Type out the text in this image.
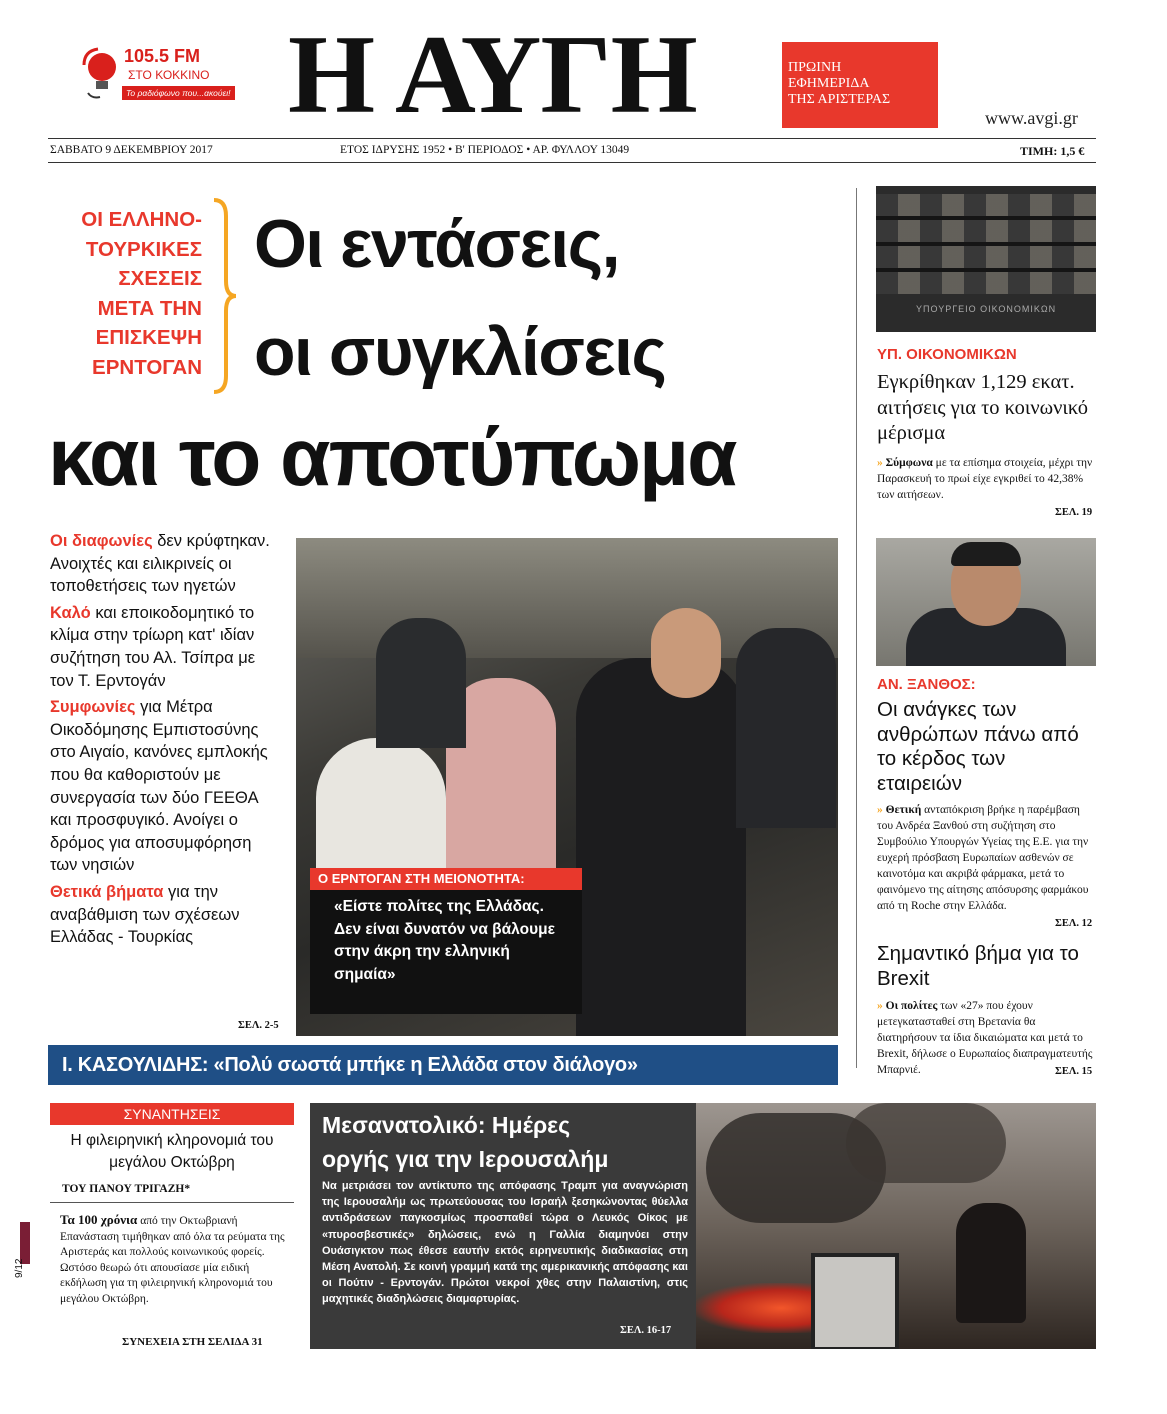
105.5 FM
ΣΤΟ ΚΟΚΚΙΝΟ
Το ραδιόφωνο που...ακούει! Η ΑΥΓΗ	ΠΡΩΙΝΗ
ΕΦΗΜΕΡΙΔΑ
ΤΗΣ ΑΡΙΣΤΕΡΑΣ
www.avgi.gr
ΣΑΒΒΑΤΟ 9 ΔΕΚΕΜΒΡΙΟΥ 2017	ΕΤΟΣ ΙΔΡΥΣΗΣ 1952 • Β' ΠΕΡΙΟΔΟΣ • ΑΡ. ΦΥΛΛΟΥ 13049	ΤΙΜΗ: 1,5 €
ΟΙ ΕΛΛΗΝΟ-
ΤΟΥΡΚΙΚΕΣ
ΣΧΕΣΕΙΣ
ΜΕΤΑ ΤΗΝ
ΕΠΙΣΚΕΨΗ
ΕΡΝΤΟΓΑΝ
Οι εντάσεις,
οι συγκλίσεις
και το αποτύπωμα

Οι διαφωνίες δεν κρύφτηκαν. Ανοιχτές και ειλικρινείς οι τοποθετήσεις των ηγετών

Καλό και εποικοδομητικό το κλίμα στην τρίωρη κατ' ιδίαν συζήτηση του Αλ. Τσίπρα με τον Τ. Ερντογάν

Συμφωνίες για Μέτρα Οικοδόμησης Εμπιστοσύνης στο Αιγαίο, κανόνες εμπλοκής που θα καθοριστούν με συνεργασία των δύο ΓΕΕΘΑ και προσφυγικό. Ανοίγει ο δρόμος για αποσυμφόρηση των νησιών

Θετικά βήματα για την αναβάθμιση των σχέσεων Ελλάδας - Τουρκίας

ΣΕΛ. 2-5
Ο ΕΡΝΤΟΓΑΝ ΣΤΗ ΜΕΙΟΝΟΤΗΤΑ:
«Είστε πολίτες της Ελλάδας. Δεν είναι δυνατόν να βάλουμε στην άκρη την ελληνική σημαία»
Ι. ΚΑΣΟΥΛΙΔΗΣ: «Πολύ σωστά μπήκε η Ελλάδα στον διάλογο»
ΥΠΟΥΡΓΕΙΟ ΟΙΚΟΝΟΜΙΚΩΝ
ΥΠ. ΟΙΚΟΝΟΜΙΚΩΝ
Εγκρίθηκαν 1,129 εκατ. αιτήσεις για το κοινωνικό μέρισμα
» Σύμφωνα με τα επίσημα στοιχεία, μέχρι την Παρασκευή το πρωί είχε εγκριθεί το 42,38% των αιτήσεων.
ΣΕΛ. 19
ΑΝ. ΞΑΝΘΟΣ:
Οι ανάγκες των ανθρώπων πάνω από το κέρδος των εταιρειών
» Θετική ανταπόκριση βρήκε η παρέμβαση του Ανδρέα Ξανθού στη συζήτηση στο Συμβούλιο Υπουργών Υγείας της Ε.Ε. για την ευχερή πρόσβαση Ευρωπαίων ασθενών σε καινοτόμα και ακριβά φάρμακα, μετά το φαινόμενο της αίτησης απόσυρσης φαρμάκου από τη Roche στην Ελλάδα.
ΣΕΛ. 12
Σημαντικό βήμα για το Brexit
» Οι πολίτες των «27» που έχουν μετεγκατασταθεί στη Βρετανία θα διατηρήσουν τα ίδια δικαιώματα και μετά το Brexit, δήλωσε ο Ευρωπαίος διαπραγματευτής Μπαρνιέ.	ΣΕΛ. 15
ΣΥΝΑΝΤΗΣΕΙΣ
Η φιλειρηνική κληρονομιά του μεγάλου Οκτώβρη
ΤΟΥ ΠΑΝΟΥ ΤΡΙΓΑΖΗ*
Τα 100 χρόνια από την Οκτωβριανή Επανάσταση τιμήθηκαν από όλα τα ρεύματα της Αριστεράς και πολλούς κοινωνικούς φορείς. Ωστόσο θεωρώ ότι απουσίασε μία ειδική εκδήλωση για τη φιλειρηνική κληρονομιά του μεγάλου Οκτώβρη.
ΣΥΝΕΧΕΙΑ ΣΤΗ ΣΕΛΙΔΑ 31
Μεσανατολικό: Ημέρες
οργής για την Ιερουσαλήμ
Να μετριάσει τον αντίκτυπο της απόφασης Τραμπ για αναγνώριση της Ιερουσαλήμ ως πρωτεύουσας του Ισραήλ ξεσηκώνοντας θύελλα αντιδράσεων παγκοσμίως προσπαθεί τώρα ο Λευκός Οίκος με «πυροσβεστικές» δηλώσεις, ενώ η Γαλλία διαμηνύει στην Ουάσιγκτον πως έθεσε εαυτήν εκτός ειρηνευτικής διαδικασίας στη Μέση Ανατολή. Σε κοινή γραμμή κατά της αμερικανικής απόφασης και οι Πούτιν - Ερντογάν. Πρώτοι νεκροί χθες στην Παλαιστίνη, στις μαχητικές διαδηλώσεις διαμαρτυρίας.
ΣΕΛ. 16-17
9/12
